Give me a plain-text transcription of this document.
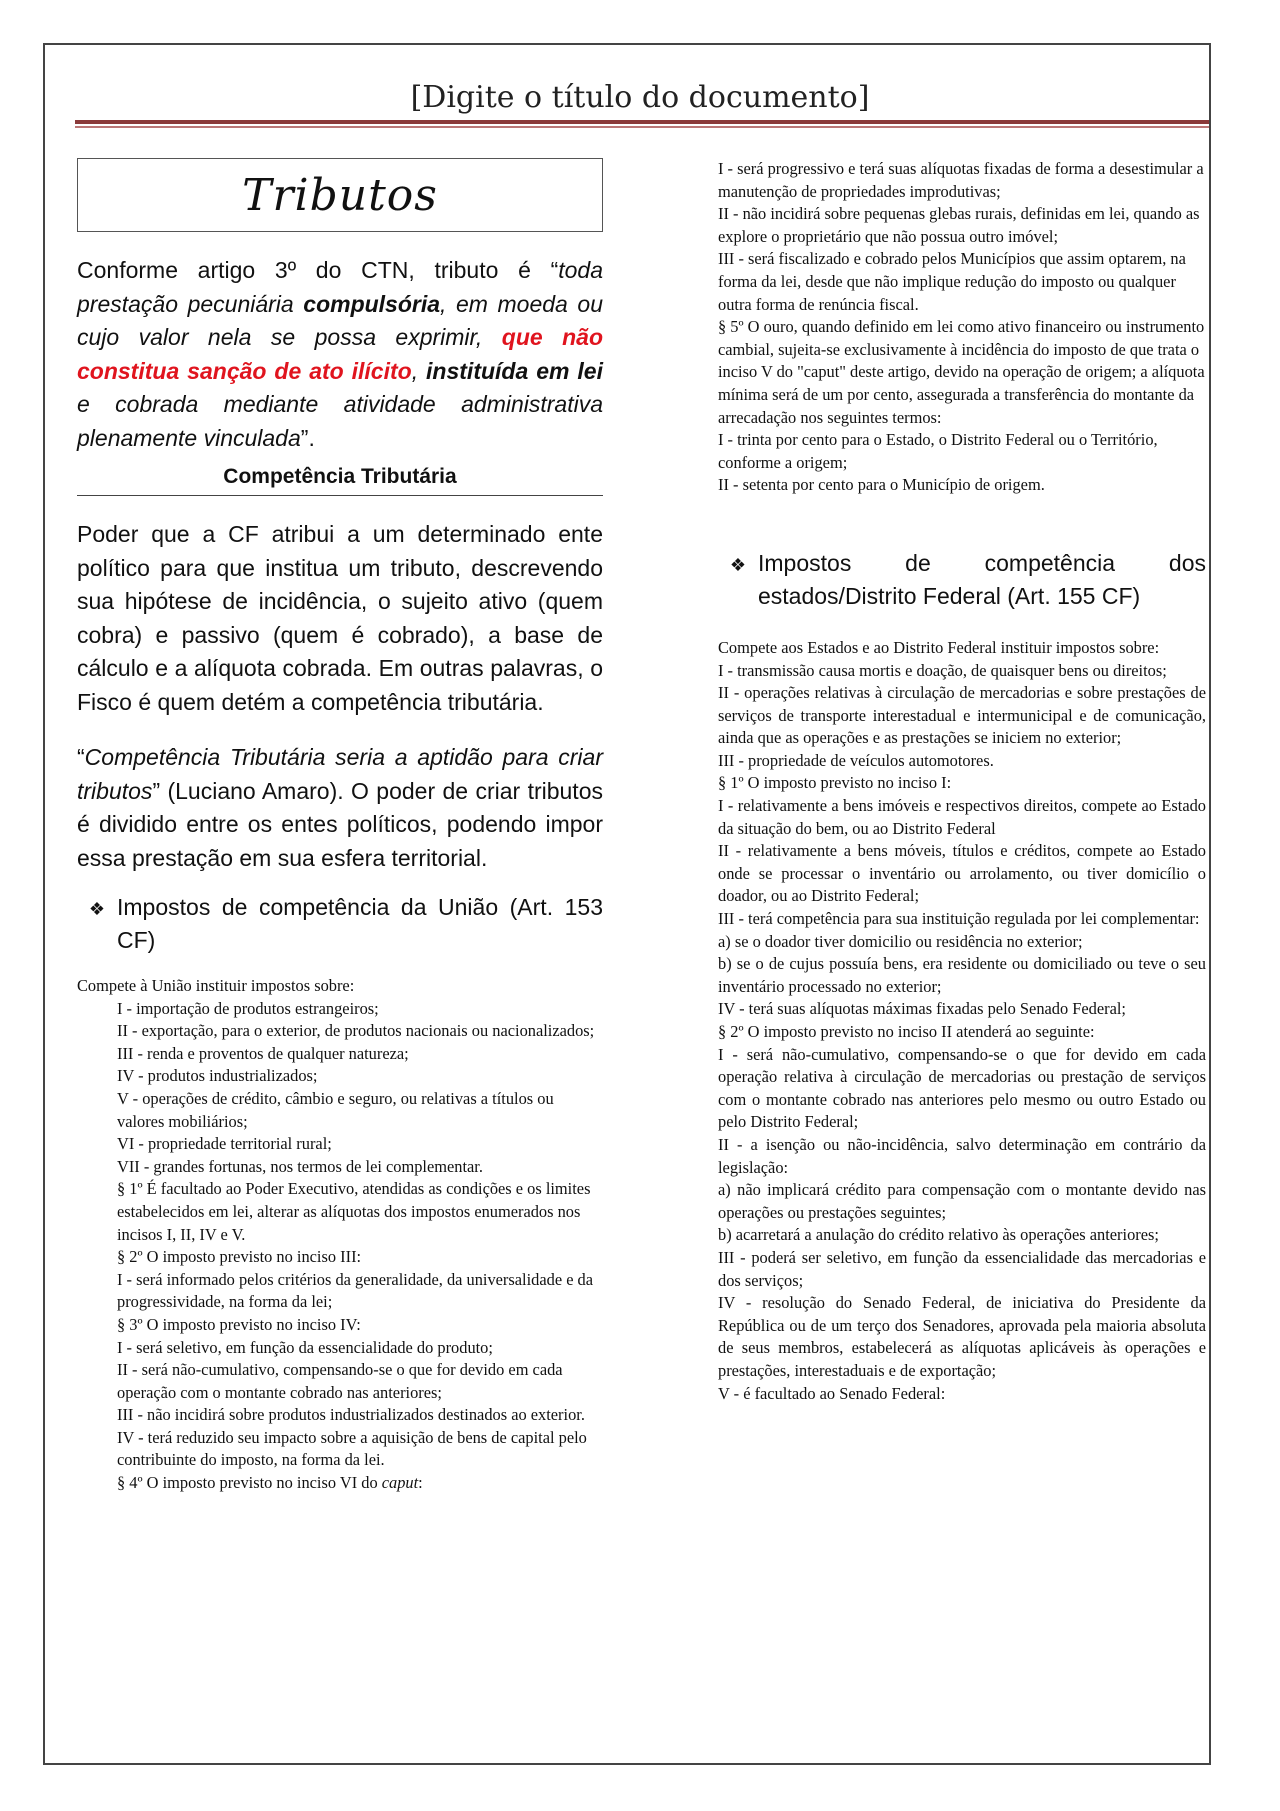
[Digite o título do documento]
Tributos

Conforme artigo 3º do CTN, tributo é “toda prestação pecuniária compulsória, em moeda ou cujo valor nela se possa exprimir, que não constitua sanção de ato ilícito, instituída em lei e cobrada mediante atividade administrativa plenamente vinculada”.

Competência Tributária

Poder que a CF atribui a um determinado ente político para que institua um tributo, descrevendo sua hipótese de incidência, o sujeito ativo (quem cobra) e passivo (quem é cobrado), a base de cálculo e a alíquota cobrada. Em outras palavras, o Fisco é quem detém a competência tributária.

“Competência Tributária seria a aptidão para criar tributos” (Luciano Amaro). O poder de criar tributos é dividido entre os entes políticos, podendo impor essa prestação em sua esfera territorial.

❖ Impostos de competência da União (Art. 153 CF)
Compete à União instituir impostos sobre:
I - importação de produtos estrangeiros;
II - exportação, para o exterior, de produtos nacionais ou nacionalizados;
III - renda e proventos de qualquer natureza;
IV - produtos industrializados;
V - operações de crédito, câmbio e seguro, ou relativas a títulos ou valores mobiliários;
VI - propriedade territorial rural;
VII - grandes fortunas, nos termos de lei complementar.
§ 1º É facultado ao Poder Executivo, atendidas as condições e os limites estabelecidos em lei, alterar as alíquotas dos impostos enumerados nos incisos I, II, IV e V.
§ 2º O imposto previsto no inciso III:
I - será informado pelos critérios da generalidade, da universalidade e da progressividade, na forma da lei;
§ 3º O imposto previsto no inciso IV:
I - será seletivo, em função da essencialidade do produto;
II - será não-cumulativo, compensando-se o que for devido em cada operação com o montante cobrado nas anteriores;
III - não incidirá sobre produtos industrializados destinados ao exterior.
IV - terá reduzido seu impacto sobre a aquisição de bens de capital pelo contribuinte do imposto, na forma da lei.
§ 4º O imposto previsto no inciso VI do caput:
I - será progressivo e terá suas alíquotas fixadas de forma a desestimular a manutenção de propriedades improdutivas;
II - não incidirá sobre pequenas glebas rurais, definidas em lei, quando as explore o proprietário que não possua outro imóvel;
III - será fiscalizado e cobrado pelos Municípios que assim optarem, na forma da lei, desde que não implique redução do imposto ou qualquer outra forma de renúncia fiscal.
§ 5º O ouro, quando definido em lei como ativo financeiro ou instrumento cambial, sujeita-se exclusivamente à incidência do imposto de que trata o inciso V do "caput" deste artigo, devido na operação de origem; a alíquota mínima será de um por cento, assegurada a transferência do montante da arrecadação nos seguintes termos:
I - trinta por cento para o Estado, o Distrito Federal ou o Território, conforme a origem;
II - setenta por cento para o Município de origem.
❖ Impostos de competência dos estados/Distrito Federal (Art. 155 CF)
Compete aos Estados e ao Distrito Federal instituir impostos sobre:
I - transmissão causa mortis e doação, de quaisquer bens ou direitos;
II - operações relativas à circulação de mercadorias e sobre prestações de serviços de transporte interestadual e intermunicipal e de comunicação, ainda que as operações e as prestações se iniciem no exterior;
III - propriedade de veículos automotores.
§ 1º O imposto previsto no inciso I:
I - relativamente a bens imóveis e respectivos direitos, compete ao Estado da situação do bem, ou ao Distrito Federal
II - relativamente a bens móveis, títulos e créditos, compete ao Estado onde se processar o inventário ou arrolamento, ou tiver domicílio o doador, ou ao Distrito Federal;
III - terá competência para sua instituição regulada por lei complementar:
a) se o doador tiver domicilio ou residência no exterior;
b) se o de cujus possuía bens, era residente ou domiciliado ou teve o seu inventário processado no exterior;
IV - terá suas alíquotas máximas fixadas pelo Senado Federal;
§ 2º O imposto previsto no inciso II atenderá ao seguinte:
I - será não-cumulativo, compensando-se o que for devido em cada operação relativa à circulação de mercadorias ou prestação de serviços com o montante cobrado nas anteriores pelo mesmo ou outro Estado ou pelo Distrito Federal;
II - a isenção ou não-incidência, salvo determinação em contrário da legislação:
a) não implicará crédito para compensação com o montante devido nas operações ou prestações seguintes;
b) acarretará a anulação do crédito relativo às operações anteriores;
III - poderá ser seletivo, em função da essencialidade das mercadorias e dos serviços;
IV - resolução do Senado Federal, de iniciativa do Presidente da República ou de um terço dos Senadores, aprovada pela maioria absoluta de seus membros, estabelecerá as alíquotas aplicáveis às operações e prestações, interestaduais e de exportação;
V - é facultado ao Senado Federal:
